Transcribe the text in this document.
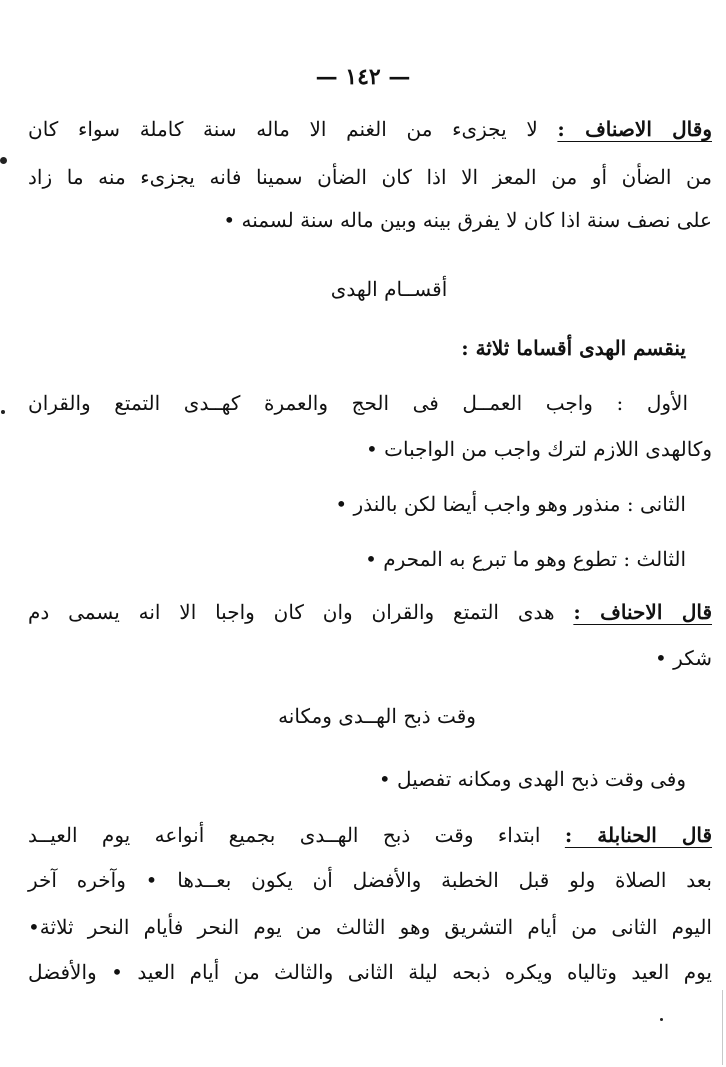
— ١٤٢ —
وقال الاصناف : لا يجزىء من الغنم الا ماله سنة كاملة سواء كان
من الضأن أو من المعز الا اذا كان الضأن سمينا فانه يجزىء منه ما زاد
على نصف سنة اذا كان لا يفرق بينه وبين ماله سنة لسمنه •
أقســام الهدى
ينقسم الهدى أقساما ثلاثة :
الأول : واجب العمــل فى الحج والعمرة كهــدى التمتع والقران
وكالهدى اللازم لترك واجب من الواجبات •
الثانى : منذور وهو واجب أيضا لكن بالنذر •
الثالث : تطوع وهو ما تبرع به المحرم •
قال الاحناف : هدى التمتع والقران وان كان واجبا الا انه يسمى دم
شكر •
وقت ذبح الهــدى ومكانه
وفى وقت ذبح الهدى ومكانه تفصيل •
قال الحنابلة : ابتداء وقت ذبح الهــدى بجميع أنواعه يوم العيــد
بعد الصلاة ولو قبل الخطبة والأفضل أن يكون بعــدها • وآخره آخر
اليوم الثانى من أيام التشريق وهو الثالث من يوم النحر فأيام النحر ثلاثة•
يوم العيد وتالياه ويكره ذبحه ليلة الثانى والثالث من أيام العيد • والأفضل
